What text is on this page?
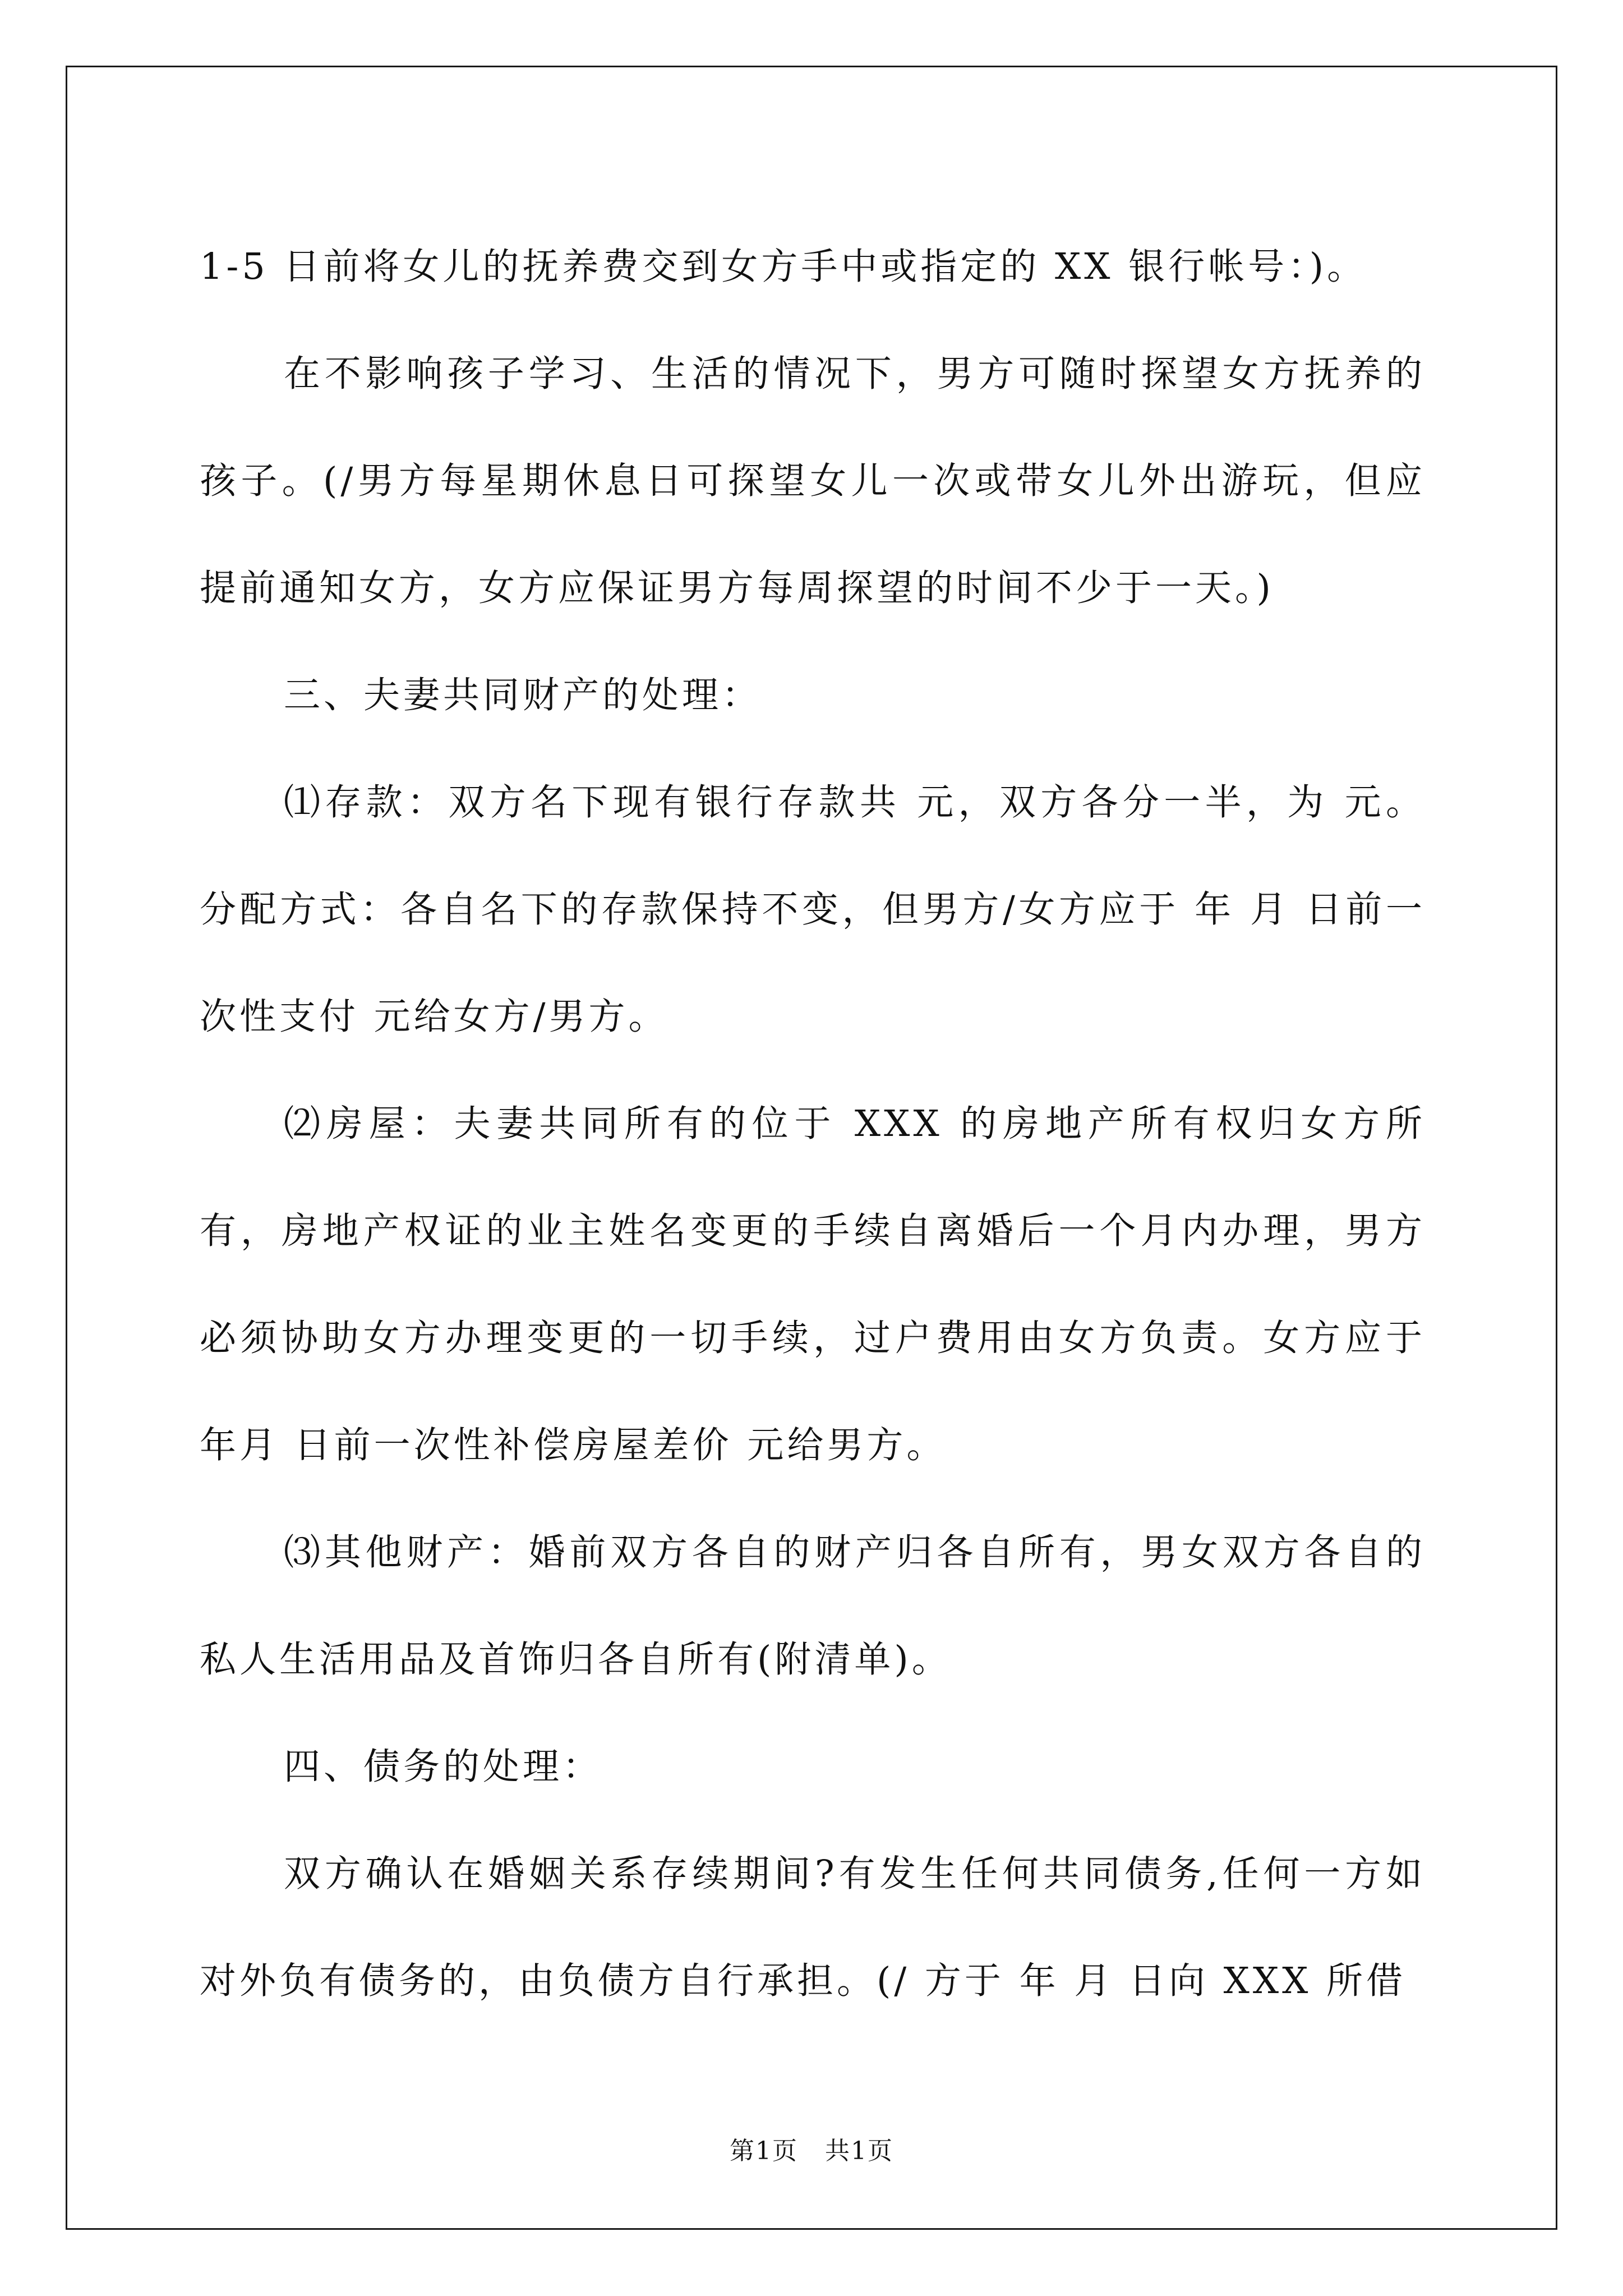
1-5 日前将女儿的抚养费交到女方手中或指定的 XX 银行帐号：)。

在不影响孩子学习、生活的情况下，男方可随时探望女方抚养的孩子。(/男方每星期休息日可探望女儿一次或带女儿外出游玩，但应提前通知女方，女方应保证男方每周探望的时间不少于一天。)

三、夫妻共同财产的处理：

⑴存款：双方名下现有银行存款共 元，双方各分一半，为 元。分配方式：各自名下的存款保持不变，但男方/女方应于 年 月 日前一次性支付 元给女方/男方。

⑵房屋：夫妻共同所有的位于 XXX 的房地产所有权归女方所有，房地产权证的业主姓名变更的手续自离婚后一个月内办理，男方必须协助女方办理变更的一切手续，过户费用由女方负责。女方应于 年月 日前一次性补偿房屋差价 元给男方。

⑶其他财产：婚前双方各自的财产归各自所有，男女双方各自的私人生活用品及首饰归各自所有(附清单)。

四、债务的处理：

双方确认在婚姻关系存续期间?有发生任何共同债务,任何一方如对外负有债务的，由负债方自行承担。(/ 方于 年 月 日向 XXX 所借

第1页   共1页
